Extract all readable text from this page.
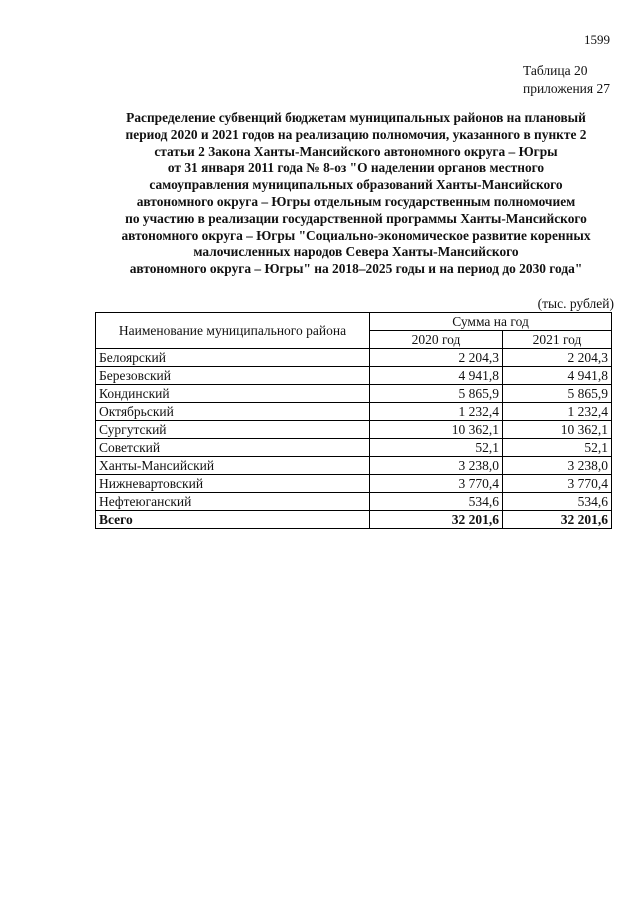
1599
Таблица 20
приложения 27
Распределение субвенций бюджетам муниципальных районов на плановый
период 2020 и 2021 годов на реализацию полномочия, указанного в пункте 2
статьи 2 Закона Ханты-Мансийского автономного округа – Югры
от 31 января 2011 года № 8-оз "О наделении органов местного
самоуправления муниципальных образований Ханты-Мансийского
автономного округа – Югры отдельным государственным полномочием
по участию в реализации государственной программы Ханты-Мансийского
автономного округа – Югры "Социально-экономическое развитие коренных
малочисленных народов Севера Ханты-Мансийского
автономного округа – Югры" на 2018–2025 годы и на период до 2030 года"
(тыс. рублей)
Наименование муниципального района	Сумма на год	
	2020 год	2021 год
Белоярский	2 204,3	2 204,3
Березовский	4 941,8	4 941,8
Кондинский	5 865,9	5 865,9
Октябрьский	1 232,4	1 232,4
Сургутский	10 362,1	10 362,1
Советский	52,1	52,1
Ханты-Мансийский	3 238,0	3 238,0
Нижневартовский	3 770,4	3 770,4
Нефтеюганский	534,6	534,6
Всего	32 201,6	32 201,6
